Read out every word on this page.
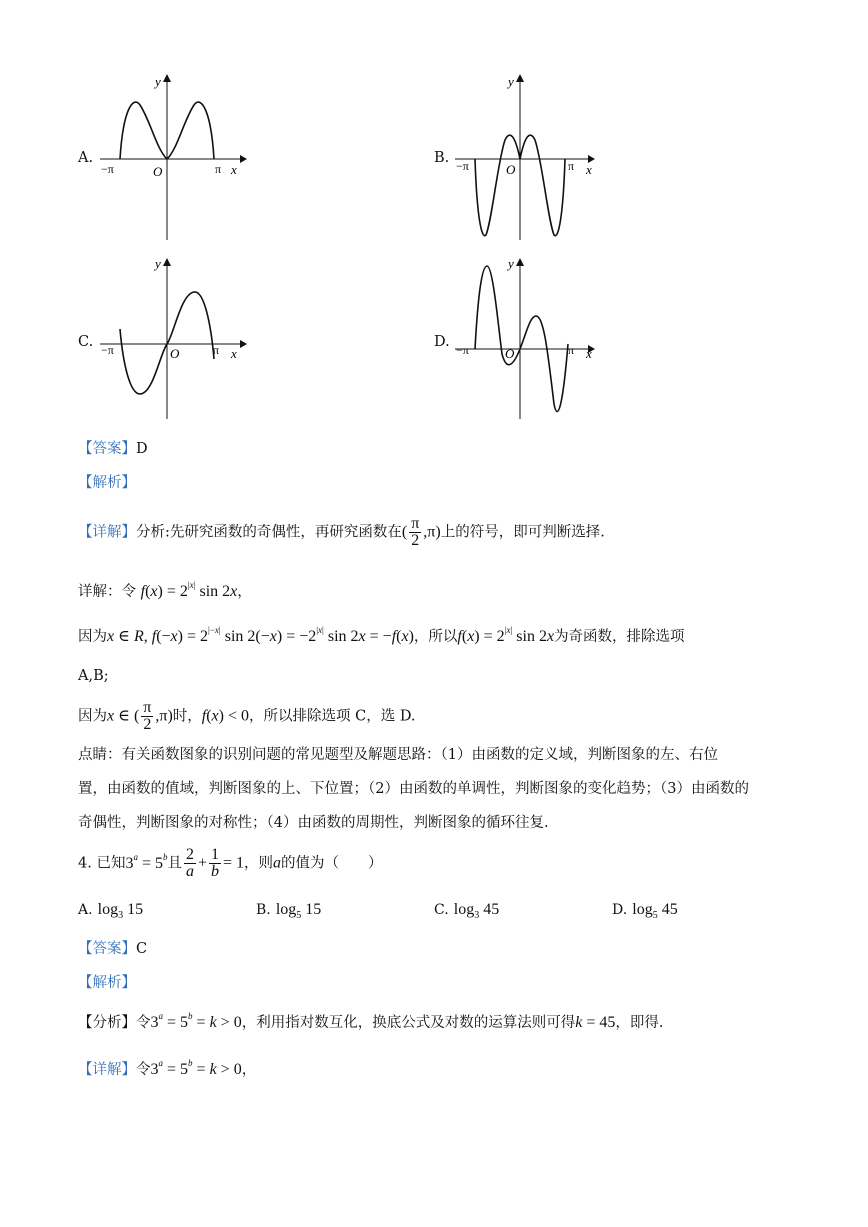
A.
y
x
O
−π	π
B.
y
x
O
−π	π
C.
y
x
O
−π	π	D.
y
x
O
−π	π
【答案】D
【解析】
【详解】分析:先研究函数的奇偶性，再研究函数在( $\frac{\pi}{2} ,\pi$)上的符号，即可判断选择.
详解：令 $f(x) = 2^{|x|}$ sin 2x，
因为x ∈ R, $f(-x) = 2^{|-x|}$ $\sin 2(-x) = -2^{|x|}$ sin 2x = −f(x)，所以$f(x) = 2^{|x|}$ sin 2x为奇函数，排除选项
A,B;
因为x ∈ ( $\frac{\pi}{2} ,\pi$)时，f(x) < 0，所以排除选项 C，选 D.
点睛：有关函数图象的识别问题的常见题型及解题思路：（1）由函数的定义域，判断图象的左、右位
置，由函数的值域，判断图象的上、下位置；（2）由函数的单调性，判断图象的变化趋势；（3）由函数的
奇偶性，判断图象的对称性；（4）由函数的周期性，判断图象的循环往复.
4. 已知$3^a = 5^b$且 $\frac{2}{a} + \frac{1}{b} = 1$，则a的值为（　　）
A. $\log_3 15$	B. $\log_5 15$	C. $\log_3 45$	D. $\log_5 45$
【答案】C
【解析】
【分析】令$3^a = 5^b = k > 0$，利用指对数互化，换底公式及对数的运算法则可得k = 45，即得.
【详解】令$3^a = 5^b = k > 0$，
